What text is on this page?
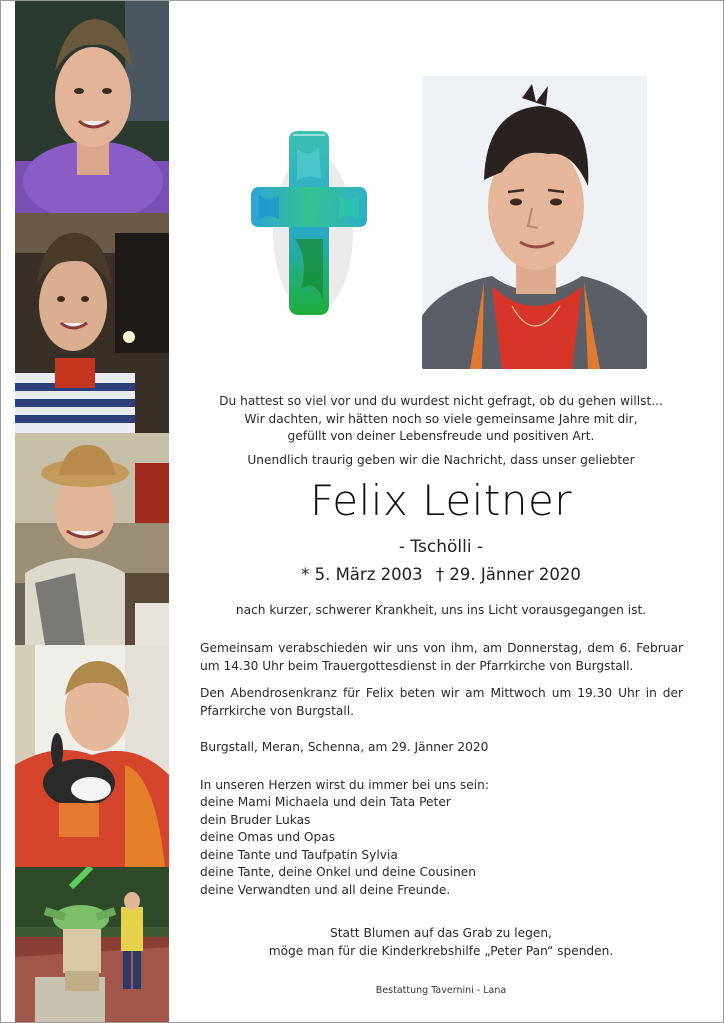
Du hattest so viel vor und du wurdest nicht gefragt, ob du gehen willst...
Wir dachten, wir hätten noch so viele gemeinsame Jahre mit dir,
gefüllt von deiner Lebensfreude und positiven Art.
Unendlich traurig geben wir die Nachricht, dass unser geliebter
Felix Leitner
- Tschölli -
* 5. März 2003 † 29. Jänner 2020
nach kurzer, schwerer Krankheit, uns ins Licht vorausgegangen ist.
Gemeinsam verabschieden wir uns von ihm, am Donnerstag, dem 6. Februar um 14.30 Uhr beim Trauergottesdienst in der Pfarrkirche von Burgstall.
Den Abendrosenkranz für Felix beten wir am Mittwoch um 19.30 Uhr in der Pfarrkirche von Burgstall.
Burgstall, Meran, Schenna, am 29. Jänner 2020
In unseren Herzen wirst du immer bei uns sein:
deine Mami Michaela und dein Tata Peter
dein Bruder Lukas
deine Omas und Opas
deine Tante und Taufpatin Sylvia
deine Tante, deine Onkel und deine Cousinen
deine Verwandten und all deine Freunde.
Statt Blumen auf das Grab zu legen,
möge man für die Kinderkrebshilfe „Peter Pan“ spenden.
Bestattung Tavernini - Lana
